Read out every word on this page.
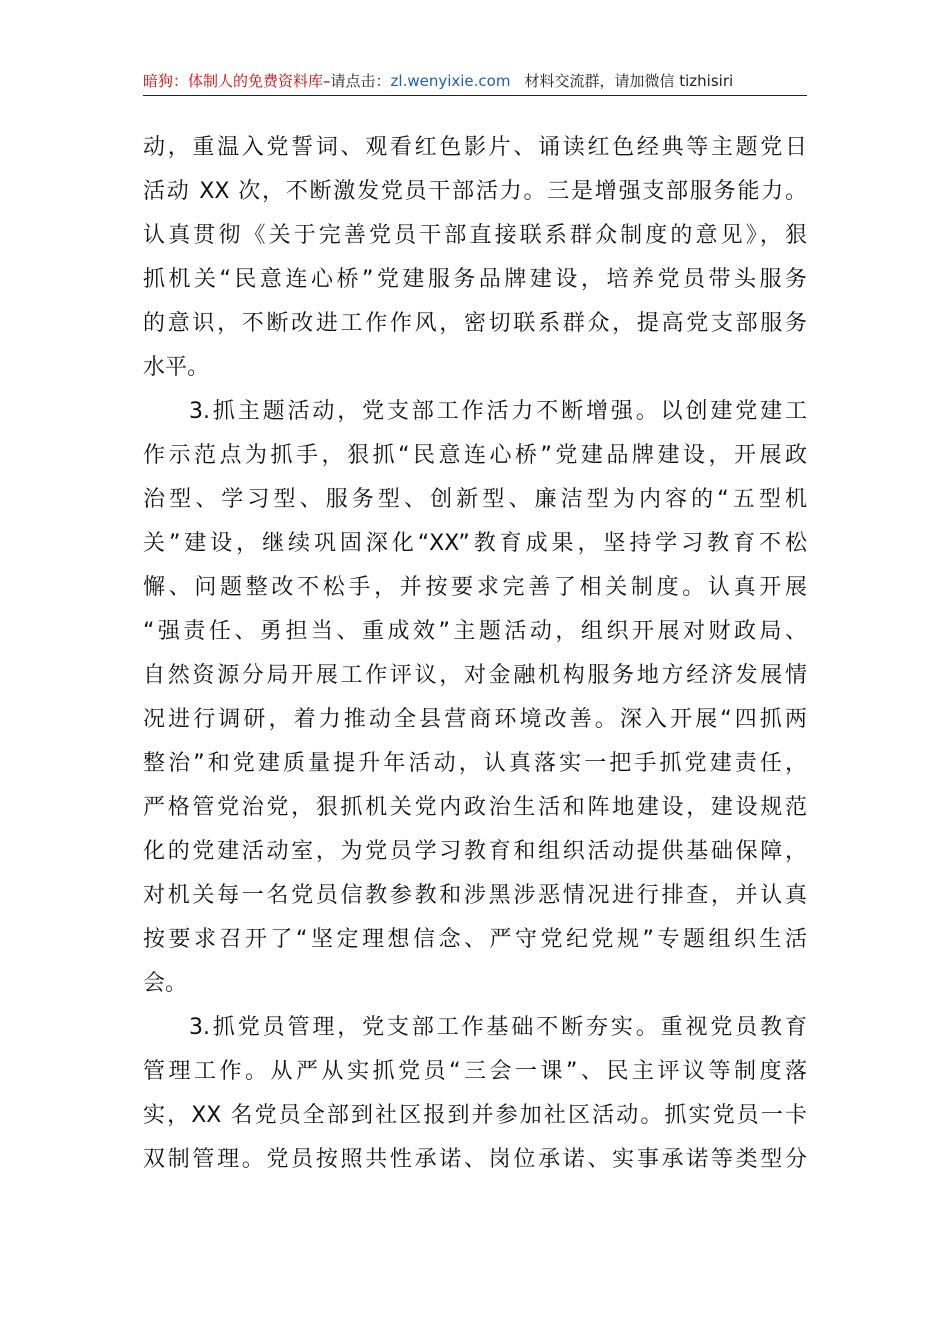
暗狗：体制人的免费资料库–请点击：zl.wenyixie.com 材料交流群，请加微信 tizhisiri
动，重温入党誓词、观看红色影片、诵读红色经典等主题党日
活动 XX 次，不断激发党员干部活力。三是增强支部服务能力。
认真贯彻《关于完善党员干部直接联系群众制度的意见》，狠
抓机关“民意连心桥”党建服务品牌建设，培养党员带头服务
的意识，不断改进工作作风，密切联系群众，提高党支部服务
水平。
3.抓主题活动，党支部工作活力不断增强。以创建党建工
作示范点为抓手，狠抓“民意连心桥”党建品牌建设，开展政
治型、学习型、服务型、创新型、廉洁型为内容的“五型机
关”建设，继续巩固深化“XX”教育成果，坚持学习教育不松
懈、问题整改不松手，并按要求完善了相关制度。认真开展
“强责任、勇担当、重成效”主题活动，组织开展对财政局、
自然资源分局开展工作评议，对金融机构服务地方经济发展情
况进行调研，着力推动全县营商环境改善。深入开展“四抓两
整治”和党建质量提升年活动，认真落实一把手抓党建责任，
严格管党治党，狠抓机关党内政治生活和阵地建设，建设规范
化的党建活动室，为党员学习教育和组织活动提供基础保障，
对机关每一名党员信教参教和涉黑涉恶情况进行排查，并认真
按要求召开了“坚定理想信念、严守党纪党规”专题组织生活
会。
3.抓党员管理，党支部工作基础不断夯实。重视党员教育
管理工作。从严从实抓党员“三会一课”、民主评议等制度落
实，XX 名党员全部到社区报到并参加社区活动。抓实党员一卡
双制管理。党员按照共性承诺、岗位承诺、实事承诺等类型分
